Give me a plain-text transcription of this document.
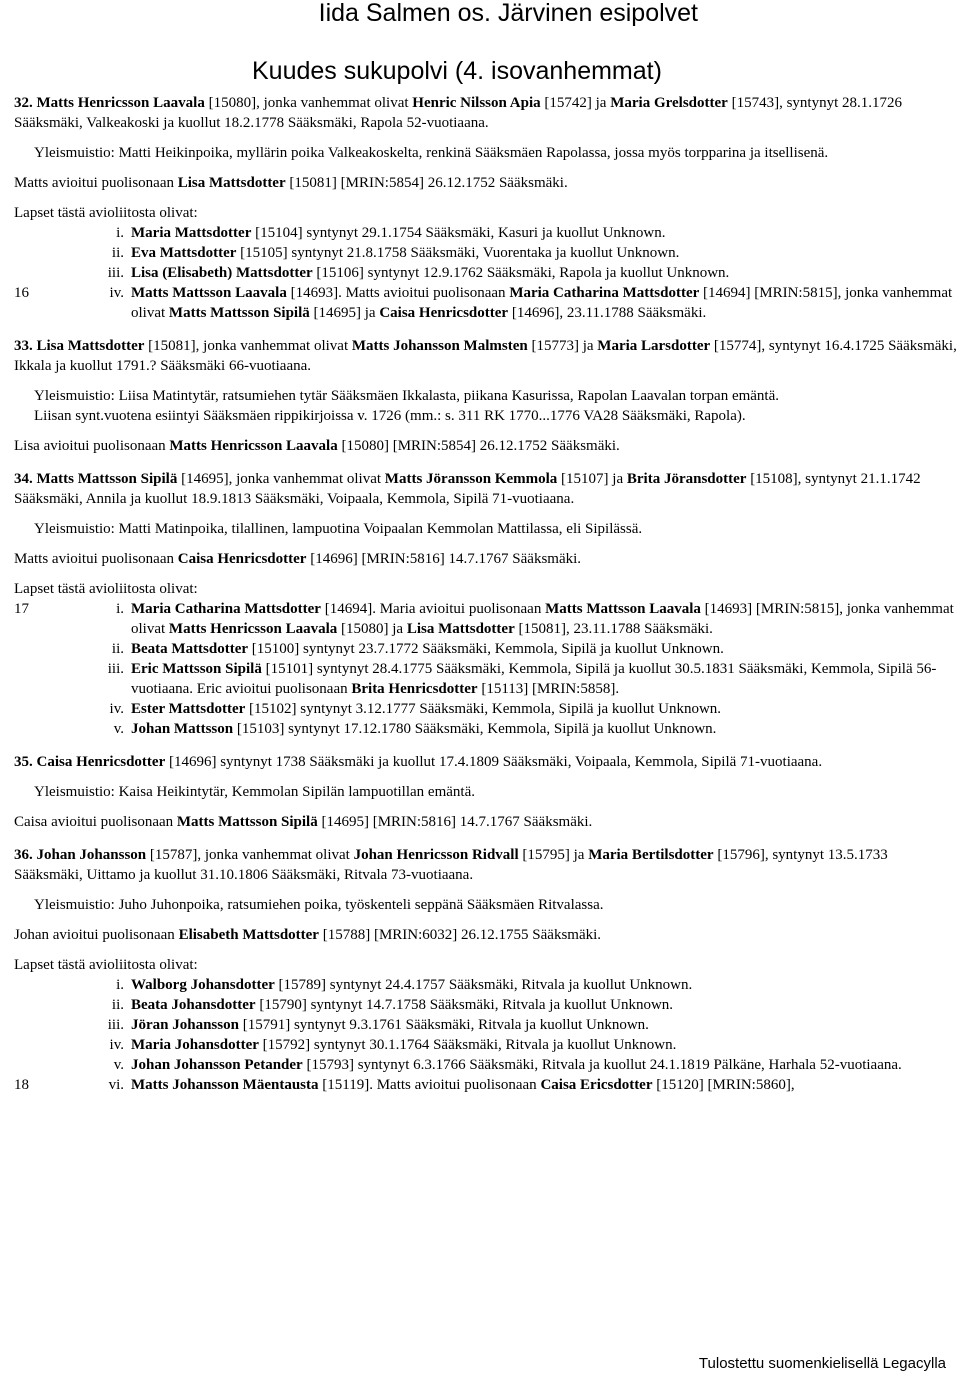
Iida Salmen os. Järvinen esipolvet
Kuudes sukupolvi (4. isovanhemmat)

32. Matts Henricsson Laavala [15080], jonka vanhemmat olivat Henric Nilsson Apia [15742] ja Maria Grelsdotter [15743], syntynyt 28.1.1726 Sääksmäki, Valkeakoski ja kuollut 18.2.1778 Sääksmäki, Rapola 52-vuotiaana.

Yleismuistio: Matti Heikinpoika, myllärin poika Valkeakoskelta, renkinä Sääksmäen Rapolassa, jossa myös torpparina ja itsellisenä.

Matts avioitui puolisonaan Lisa Mattsdotter [15081] [MRIN:5854] 26.12.1752 Sääksmäki.

Lapset tästä avioliitosta olivat:

i. Maria Mattsdotter [15104] syntynyt 29.1.1754 Sääksmäki, Kasuri ja kuollut Unknown.
ii. Eva Mattsdotter [15105] syntynyt 21.8.1758 Sääksmäki, Vuorentaka ja kuollut Unknown.
iii. Lisa (Elisabeth) Mattsdotter [15106] syntynyt 12.9.1762 Sääksmäki, Rapola ja kuollut Unknown.
16	iv. Matts Mattsson Laavala [14693]. Matts avioitui puolisonaan Maria Catharina Mattsdotter [14694] [MRIN:5815], jonka vanhemmat olivat Matts Mattsson Sipilä [14695] ja Caisa Henricsdotter [14696], 23.11.1788 Sääksmäki.

33. Lisa Mattsdotter [15081], jonka vanhemmat olivat Matts Johansson Malmsten [15773] ja Maria Larsdotter [15774], syntynyt 16.4.1725 Sääksmäki, Ikkala ja kuollut 1791.? Sääksmäki 66-vuotiaana.

Yleismuistio: Liisa Matintytär, ratsumiehen tytär Sääksmäen Ikkalasta, piikana Kasurissa, Rapolan Laavalan torpan emäntä.

Liisan synt.vuotena esiintyi Sääksmäen rippikirjoissa v. 1726 (mm.: s. 311 RK 1770...1776 VA28 Sääksmäki, Rapola).

Lisa avioitui puolisonaan Matts Henricsson Laavala [15080] [MRIN:5854] 26.12.1752 Sääksmäki.

34. Matts Mattsson Sipilä [14695], jonka vanhemmat olivat Matts Jöransson Kemmola [15107] ja Brita Jöransdotter [15108], syntynyt 21.1.1742 Sääksmäki, Annila ja kuollut 18.9.1813 Sääksmäki, Voipaala, Kemmola, Sipilä 71-vuotiaana.

Yleismuistio: Matti Matinpoika, tilallinen, lampuotina Voipaalan Kemmolan Mattilassa, eli Sipilässä.

Matts avioitui puolisonaan Caisa Henricsdotter [14696] [MRIN:5816] 14.7.1767 Sääksmäki.

Lapset tästä avioliitosta olivat:

17	i. Maria Catharina Mattsdotter [14694]. Maria avioitui puolisonaan Matts Mattsson Laavala [14693] [MRIN:5815], jonka vanhemmat olivat Matts Henricsson Laavala [15080] ja Lisa Mattsdotter [15081], 23.11.1788 Sääksmäki.
ii. Beata Mattsdotter [15100] syntynyt 23.7.1772 Sääksmäki, Kemmola, Sipilä ja kuollut Unknown.
iii. Eric Mattsson Sipilä [15101] syntynyt 28.4.1775 Sääksmäki, Kemmola, Sipilä ja kuollut 30.5.1831 Sääksmäki, Kemmola, Sipilä 56-vuotiaana. Eric avioitui puolisonaan Brita Henricsdotter [15113] [MRIN:5858].
iv. Ester Mattsdotter [15102] syntynyt 3.12.1777 Sääksmäki, Kemmola, Sipilä ja kuollut Unknown.
v. Johan Mattsson [15103] syntynyt 17.12.1780 Sääksmäki, Kemmola, Sipilä ja kuollut Unknown.

35. Caisa Henricsdotter [14696] syntynyt 1738 Sääksmäki ja kuollut 17.4.1809 Sääksmäki, Voipaala, Kemmola, Sipilä 71-vuotiaana.

Yleismuistio: Kaisa Heikintytär, Kemmolan Sipilän lampuotillan emäntä.

Caisa avioitui puolisonaan Matts Mattsson Sipilä [14695] [MRIN:5816] 14.7.1767 Sääksmäki.

36. Johan Johansson [15787], jonka vanhemmat olivat Johan Henricsson Ridvall [15795] ja Maria Bertilsdotter [15796], syntynyt 13.5.1733 Sääksmäki, Uittamo ja kuollut 31.10.1806 Sääksmäki, Ritvala 73-vuotiaana.

Yleismuistio: Juho Juhonpoika, ratsumiehen poika, työskenteli seppänä Sääksmäen Ritvalassa.

Johan avioitui puolisonaan Elisabeth Mattsdotter [15788] [MRIN:6032] 26.12.1755 Sääksmäki.

Lapset tästä avioliitosta olivat:

i. Walborg Johansdotter [15789] syntynyt 24.4.1757 Sääksmäki, Ritvala ja kuollut Unknown.
ii. Beata Johansdotter [15790] syntynyt 14.7.1758 Sääksmäki, Ritvala ja kuollut Unknown.
iii. Jöran Johansson [15791] syntynyt 9.3.1761 Sääksmäki, Ritvala ja kuollut Unknown.
iv. Maria Johansdotter [15792] syntynyt 30.1.1764 Sääksmäki, Ritvala ja kuollut Unknown.
v. Johan Johansson Petander [15793] syntynyt 6.3.1766 Sääksmäki, Ritvala ja kuollut 24.1.1819 Pälkäne, Harhala 52-vuotiaana.
18	vi. Matts Johansson Mäentausta [15119]. Matts avioitui puolisonaan Caisa Ericsdotter [15120] [MRIN:5860],
Tulostettu suomenkielisellä Legacylla
